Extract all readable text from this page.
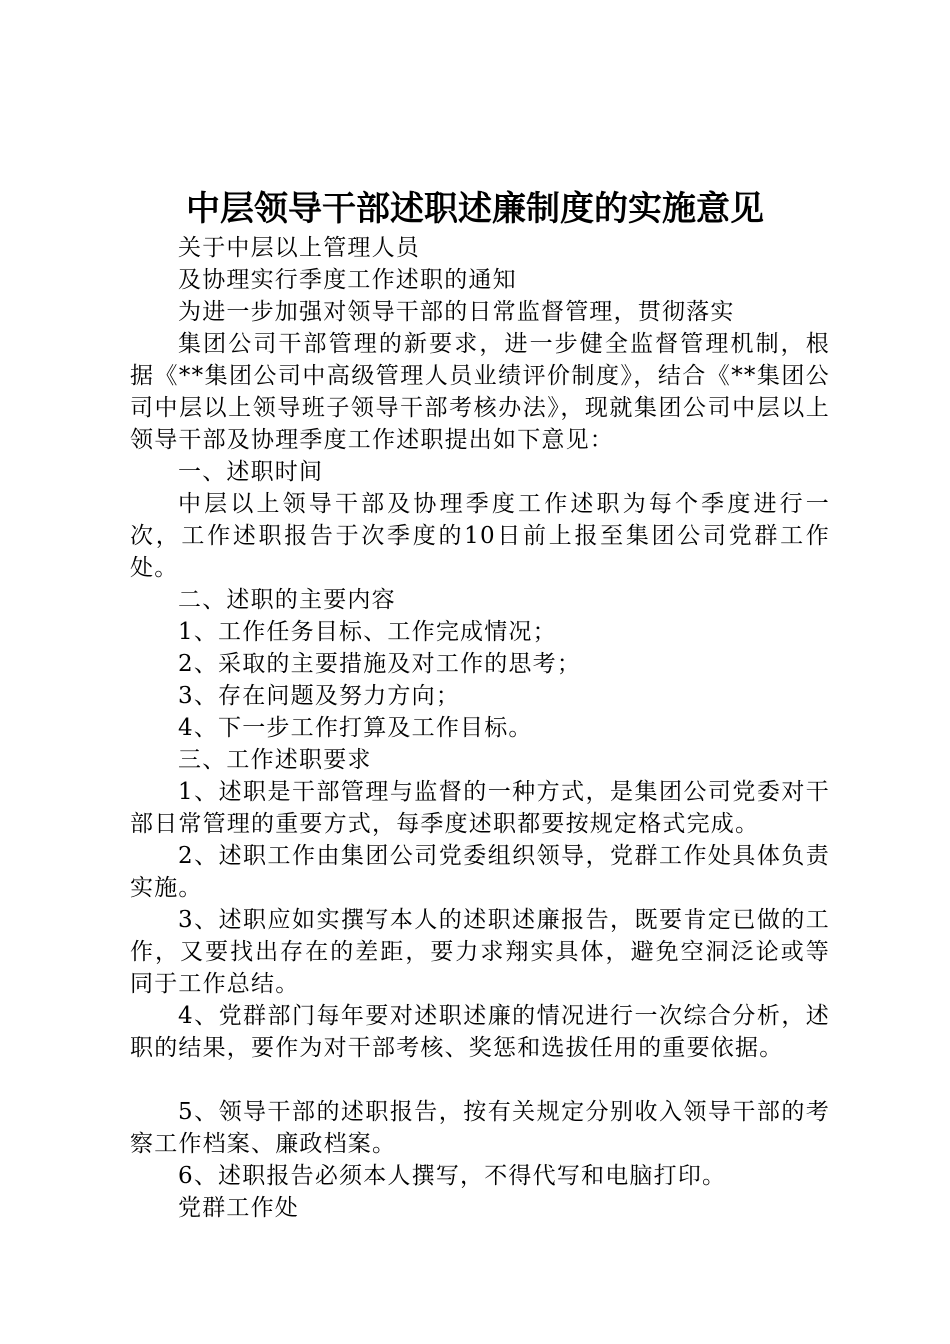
中层领导干部述职述廉制度的实施意见

关于中层以上管理人员

及协理实行季度工作述职的通知

为进一步加强对领导干部的日常监督管理，贯彻落实

集团公司干部管理的新要求，进一步健全监督管理机制，根据《**集团公司中高级管理人员业绩评价制度》，结合《**集团公司中层以上领导班子领导干部考核办法》，现就集团公司中层以上领导干部及协理季度工作述职提出如下意见：

一、述职时间

中层以上领导干部及协理季度工作述职为每个季度进行一次，工作述职报告于次季度的10日前上报至集团公司党群工作处。

二、述职的主要内容

1、工作任务目标、工作完成情况；

2、采取的主要措施及对工作的思考；

3、存在问题及努力方向；

4、下一步工作打算及工作目标。

三、工作述职要求

1、述职是干部管理与监督的一种方式，是集团公司党委对干部日常管理的重要方式，每季度述职都要按规定格式完成。

2、述职工作由集团公司党委组织领导，党群工作处具体负责实施。

3、述职应如实撰写本人的述职述廉报告，既要肯定已做的工作，又要找出存在的差距，要力求翔实具体，避免空洞泛论或等同于工作总结。

4、党群部门每年要对述职述廉的情况进行一次综合分析，述职的结果，要作为对干部考核、奖惩和选拔任用的重要依据。

5、领导干部的述职报告，按有关规定分别收入领导干部的考察工作档案、廉政档案。

6、述职报告必须本人撰写，不得代写和电脑打印。

党群工作处
